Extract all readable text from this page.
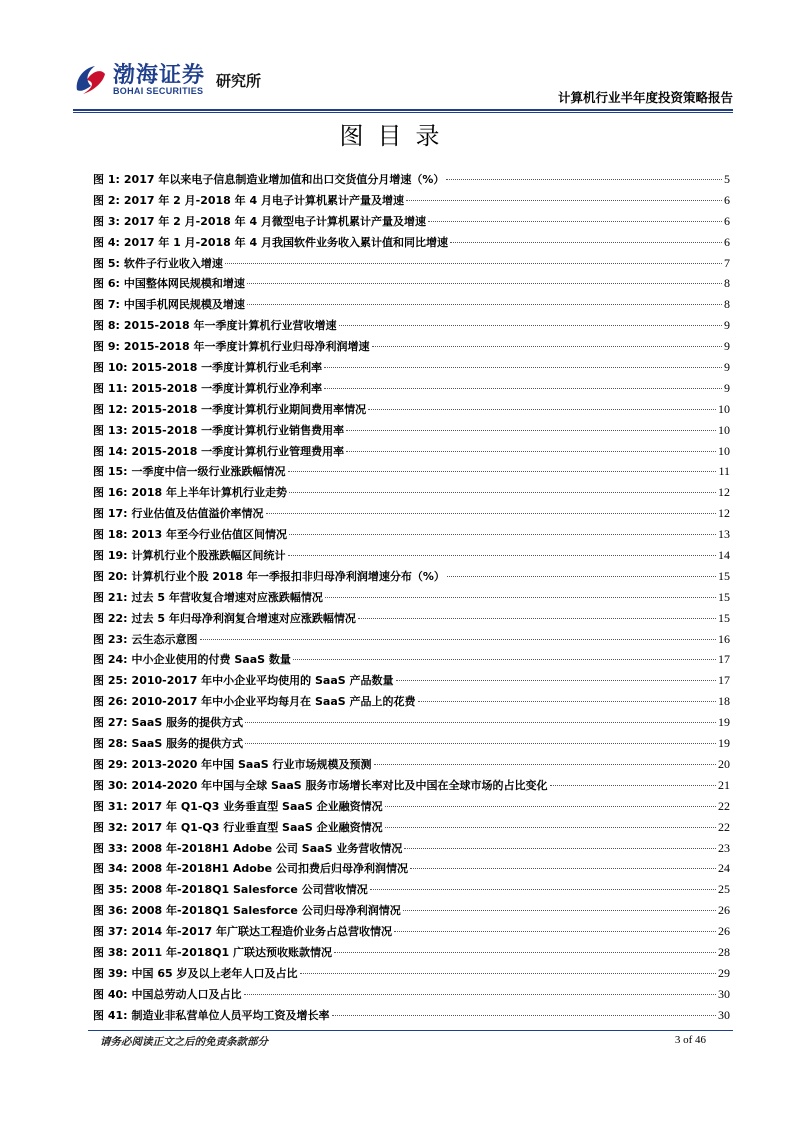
渤海证券
BOHAI SECURITIES
研究所
计算机行业半年度投资策略报告
图目录
图 1: 2017 年以来电子信息制造业增加值和出口交货值分月增速（%）	5
图 2: 2017 年 2 月-2018 年 4 月电子计算机累计产量及增速	6
图 3: 2017 年 2 月-2018 年 4 月微型电子计算机累计产量及增速	6
图 4: 2017 年 1 月-2018 年 4 月我国软件业务收入累计值和同比增速	6
图 5: 软件子行业收入增速	7
图 6: 中国整体网民规模和增速	8
图 7: 中国手机网民规模及增速	8
图 8: 2015-2018 年一季度计算机行业营收增速	9
图 9: 2015-2018 年一季度计算机行业归母净利润增速	9
图 10: 2015-2018 一季度计算机行业毛利率	9
图 11: 2015-2018 一季度计算机行业净利率	9
图 12: 2015-2018 一季度计算机行业期间费用率情况	10
图 13: 2015-2018 一季度计算机行业销售费用率	10
图 14: 2015-2018 一季度计算机行业管理费用率	10
图 15: 一季度中信一级行业涨跌幅情况	11
图 16: 2018 年上半年计算机行业走势	12
图 17: 行业估值及估值溢价率情况	12
图 18: 2013 年至今行业估值区间情况	13
图 19: 计算机行业个股涨跌幅区间统计	14
图 20: 计算机行业个股 2018 年一季报扣非归母净利润增速分布（%）	15
图 21: 过去 5 年营收复合增速对应涨跌幅情况	15
图 22: 过去 5 年归母净利润复合增速对应涨跌幅情况	15
图 23: 云生态示意图	16
图 24: 中小企业使用的付费 SaaS 数量	17
图 25: 2010-2017 年中小企业平均使用的 SaaS 产品数量	17
图 26: 2010-2017 年中小企业平均每月在 SaaS 产品上的花费	18
图 27: SaaS 服务的提供方式	19
图 28: SaaS 服务的提供方式	19
图 29: 2013-2020 年中国 SaaS 行业市场规模及预测	20
图 30: 2014-2020 年中国与全球 SaaS 服务市场增长率对比及中国在全球市场的占比变化	21
图 31: 2017 年 Q1-Q3 业务垂直型 SaaS 企业融资情况	22
图 32: 2017 年 Q1-Q3 行业垂直型 SaaS 企业融资情况	22
图 33: 2008 年-2018H1 Adobe 公司 SaaS 业务营收情况	23
图 34: 2008 年-2018H1 Adobe 公司扣费后归母净利润情况	24
图 35: 2008 年-2018Q1 Salesforce 公司营收情况	25
图 36: 2008 年-2018Q1 Salesforce 公司归母净利润情况	26
图 37: 2014 年-2017 年广联达工程造价业务占总营收情况	26
图 38: 2011 年-2018Q1 广联达预收账款情况	28
图 39: 中国 65 岁及以上老年人口及占比	29
图 40: 中国总劳动人口及占比	30
图 41: 制造业非私营单位人员平均工资及增长率	30
请务必阅读正文之后的免责条款部分	3 of 46
